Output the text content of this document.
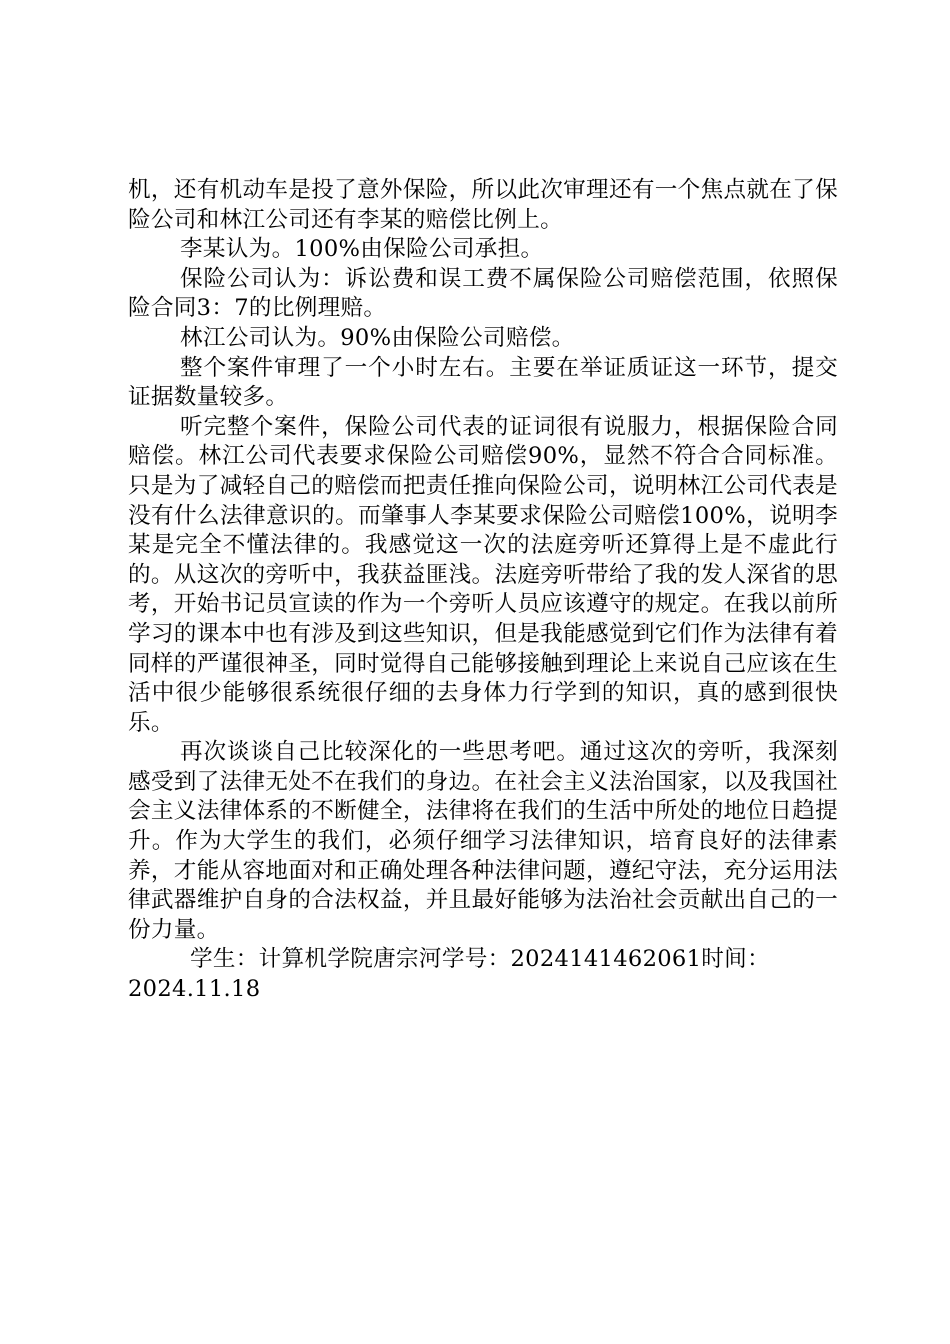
机，还有机动车是投了意外保险，所以此次审理还有一个焦点就在了保险公司和林江公司还有李某的赔偿比例上。

李某认为。100%由保险公司承担。

保险公司认为：诉讼费和误工费不属保险公司赔偿范围，依照保险合同3：7的比例理赔。

林江公司认为。90%由保险公司赔偿。

整个案件审理了一个小时左右。主要在举证质证这一环节，提交证据数量较多。

听完整个案件，保险公司代表的证词很有说服力，根据保险合同赔偿。林江公司代表要求保险公司赔偿90%，显然不符合合同标准。只是为了减轻自己的赔偿而把责任推向保险公司，说明林江公司代表是没有什么法律意识的。而肇事人李某要求保险公司赔偿100%，说明李某是完全不懂法律的。我感觉这一次的法庭旁听还算得上是不虚此行的。从这次的旁听中，我获益匪浅。法庭旁听带给了我的发人深省的思考，开始书记员宣读的作为一个旁听人员应该遵守的规定。在我以前所学习的课本中也有涉及到这些知识，但是我能感觉到它们作为法律有着同样的严谨很神圣，同时觉得自己能够接触到理论上来说自己应该在生活中很少能够很系统很仔细的去身体力行学到的知识，真的感到很快乐。

再次谈谈自己比较深化的一些思考吧。通过这次的旁听，我深刻感受到了法律无处不在我们的身边。在社会主义法治国家，以及我国社会主义法律体系的不断健全，法律将在我们的生活中所处的地位日趋提升。作为大学生的我们，必须仔细学习法律知识，培育良好的法律素养，才能从容地面对和正确处理各种法律问题，遵纪守法，充分运用法律武器维护自身的合法权益，并且最好能够为法治社会贡献出自己的一份力量。

学生：计算机学院唐宗河学号：2024141462061时间：2024.11.18
